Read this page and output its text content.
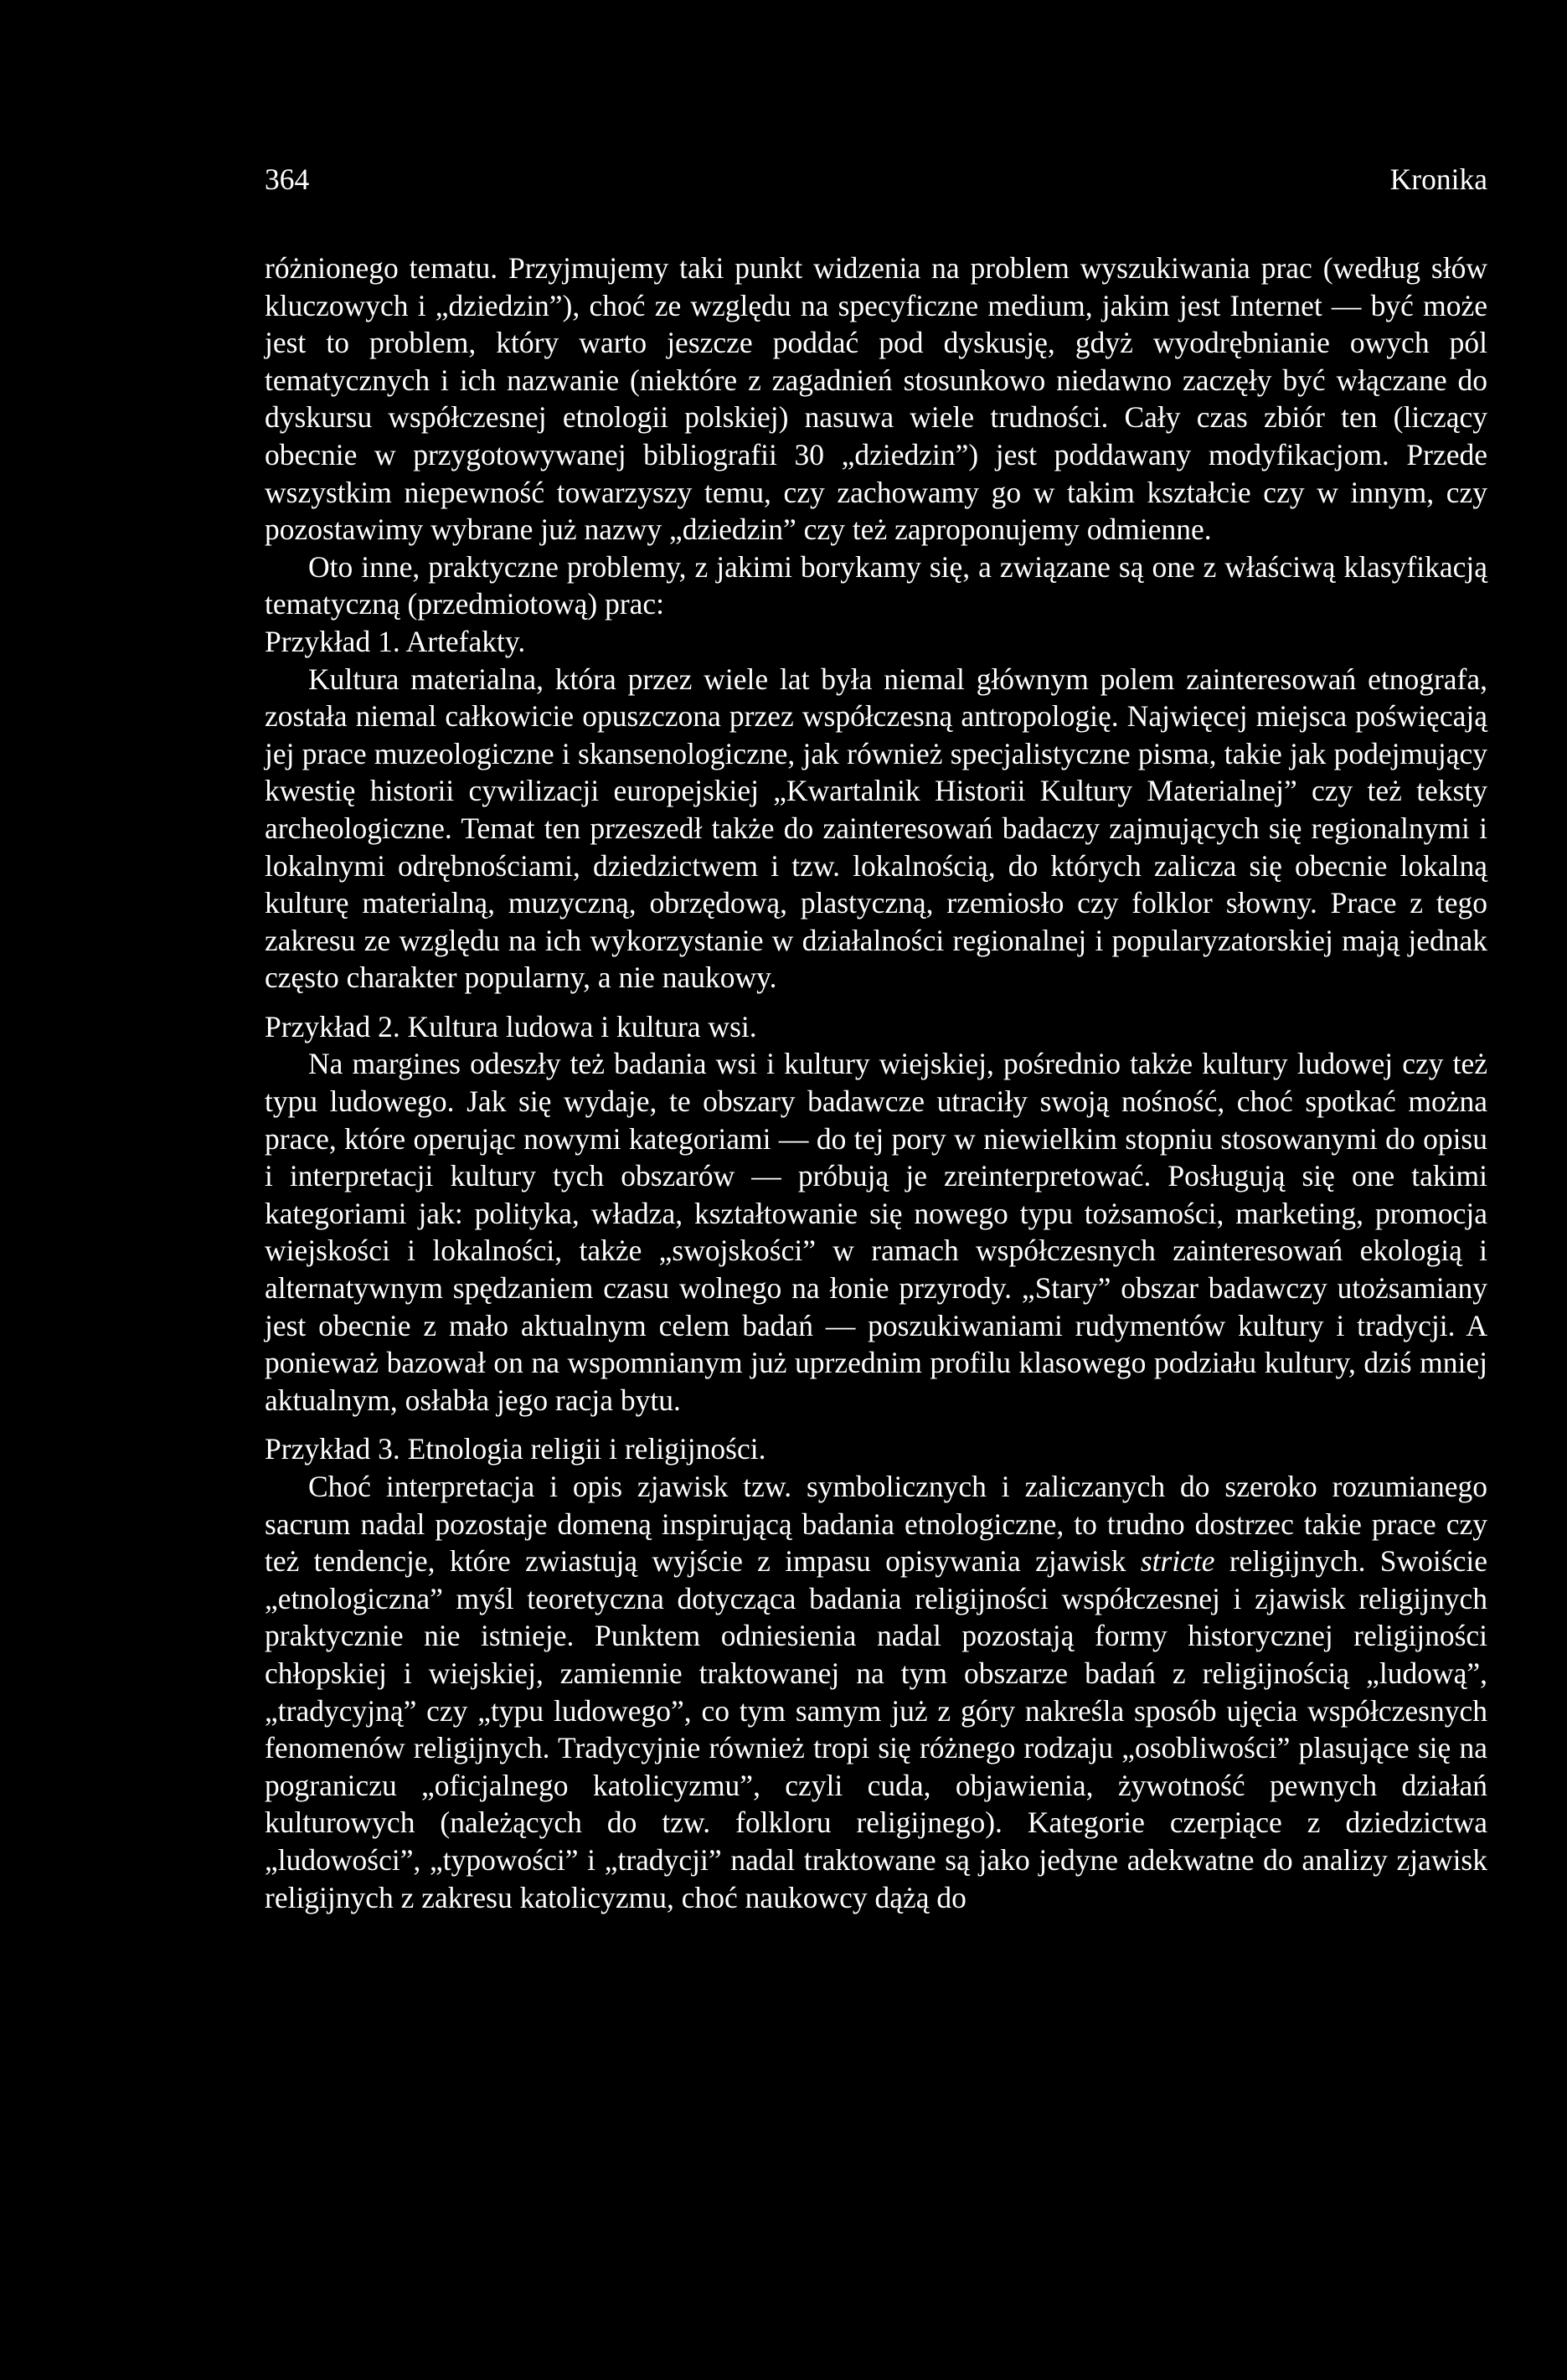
364	Kronika

różnionego tematu. Przyjmujemy taki punkt widzenia na problem wyszukiwania prac (według słów kluczowych i „dziedzin”), choć ze względu na specyficzne medium, jakim jest Internet — być może jest to problem, który warto jeszcze poddać pod dyskusję, gdyż wyodrębnianie owych pól tematycznych i ich nazwanie (niektóre z zagadnień stosunkowo niedawno zaczęły być włączane do dyskursu współczesnej etnologii polskiej) nasuwa wiele trudności. Cały czas zbiór ten (liczący obecnie w przygotowywanej bibliografii 30 „dziedzin”) jest poddawany modyfikacjom. Przede wszystkim niepewność towarzyszy temu, czy zachowamy go w takim kształcie czy w innym, czy pozostawimy wybrane już nazwy „dziedzin” czy też zaproponujemy odmienne.

Oto inne, praktyczne problemy, z jakimi borykamy się, a związane są one z właściwą klasyfikacją tematyczną (przedmiotową) prac:

Przykład 1. Artefakty.

Kultura materialna, która przez wiele lat była niemal głównym polem zainteresowań etnografa, została niemal całkowicie opuszczona przez współczesną antropologię. Najwięcej miejsca poświęcają jej prace muzeologiczne i skansenologiczne, jak również specjalistyczne pisma, takie jak podejmujący kwestię historii cywilizacji europejskiej „Kwartalnik Historii Kultury Materialnej” czy też teksty archeologiczne. Temat ten przeszedł także do zainteresowań badaczy zajmujących się regionalnymi i lokalnymi odrębnościami, dziedzictwem i tzw. lokalnością, do których zalicza się obecnie lokalną kulturę materialną, muzyczną, obrzędową, plastyczną, rzemiosło czy folklor słowny. Prace z tego zakresu ze względu na ich wykorzystanie w działalności regionalnej i popularyzatorskiej mają jednak często charakter popularny, a nie naukowy.

Przykład 2. Kultura ludowa i kultura wsi.

Na margines odeszły też badania wsi i kultury wiejskiej, pośrednio także kultury ludowej czy też typu ludowego. Jak się wydaje, te obszary badawcze utraciły swoją nośność, choć spotkać można prace, które operując nowymi kategoriami — do tej pory w niewielkim stopniu stosowanymi do opisu i interpretacji kultury tych obszarów — próbują je zreinterpretować. Posługują się one takimi kategoriami jak: polityka, władza, kształtowanie się nowego typu tożsamości, marketing, promocja wiejskości i lokalności, także „swojskości” w ramach współczesnych zainteresowań ekologią i alternatywnym spędzaniem czasu wolnego na łonie przyrody. „Stary” obszar badawczy utożsamiany jest obecnie z mało aktualnym celem badań — poszukiwaniami rudymentów kultury i tradycji. A ponieważ bazował on na wspomnianym już uprzednim profilu klasowego podziału kultury, dziś mniej aktualnym, osłabła jego racja bytu.

Przykład 3. Etnologia religii i religijności.

Choć interpretacja i opis zjawisk tzw. symbolicznych i zaliczanych do szeroko rozumianego sacrum nadal pozostaje domeną inspirującą badania etnologiczne, to trudno dostrzec takie prace czy też tendencje, które zwiastują wyjście z impasu opisywania zjawisk stricte religijnych. Swoiście „etnologiczna” myśl teoretyczna dotycząca badania religijności współczesnej i zjawisk religijnych praktycznie nie istnieje. Punktem odniesienia nadal pozostają formy historycznej religijności chłopskiej i wiejskiej, zamiennie traktowanej na tym obszarze badań z religijnością „ludową”, „tradycyjną” czy „typu ludowego”, co tym samym już z góry nakreśla sposób ujęcia współczesnych fenomenów religijnych. Tradycyjnie również tropi się różnego rodzaju „osobliwości” plasujące się na pograniczu „oficjalnego katolicyzmu”, czyli cuda, objawienia, żywotność pewnych działań kulturowych (należących do tzw. folkloru religijnego). Kategorie czerpiące z dziedzictwa „ludowości”, „typowości” i „tradycji” nadal traktowane są jako jedyne adekwatne do analizy zjawisk religijnych z zakresu katolicyzmu, choć naukowcy dążą do
